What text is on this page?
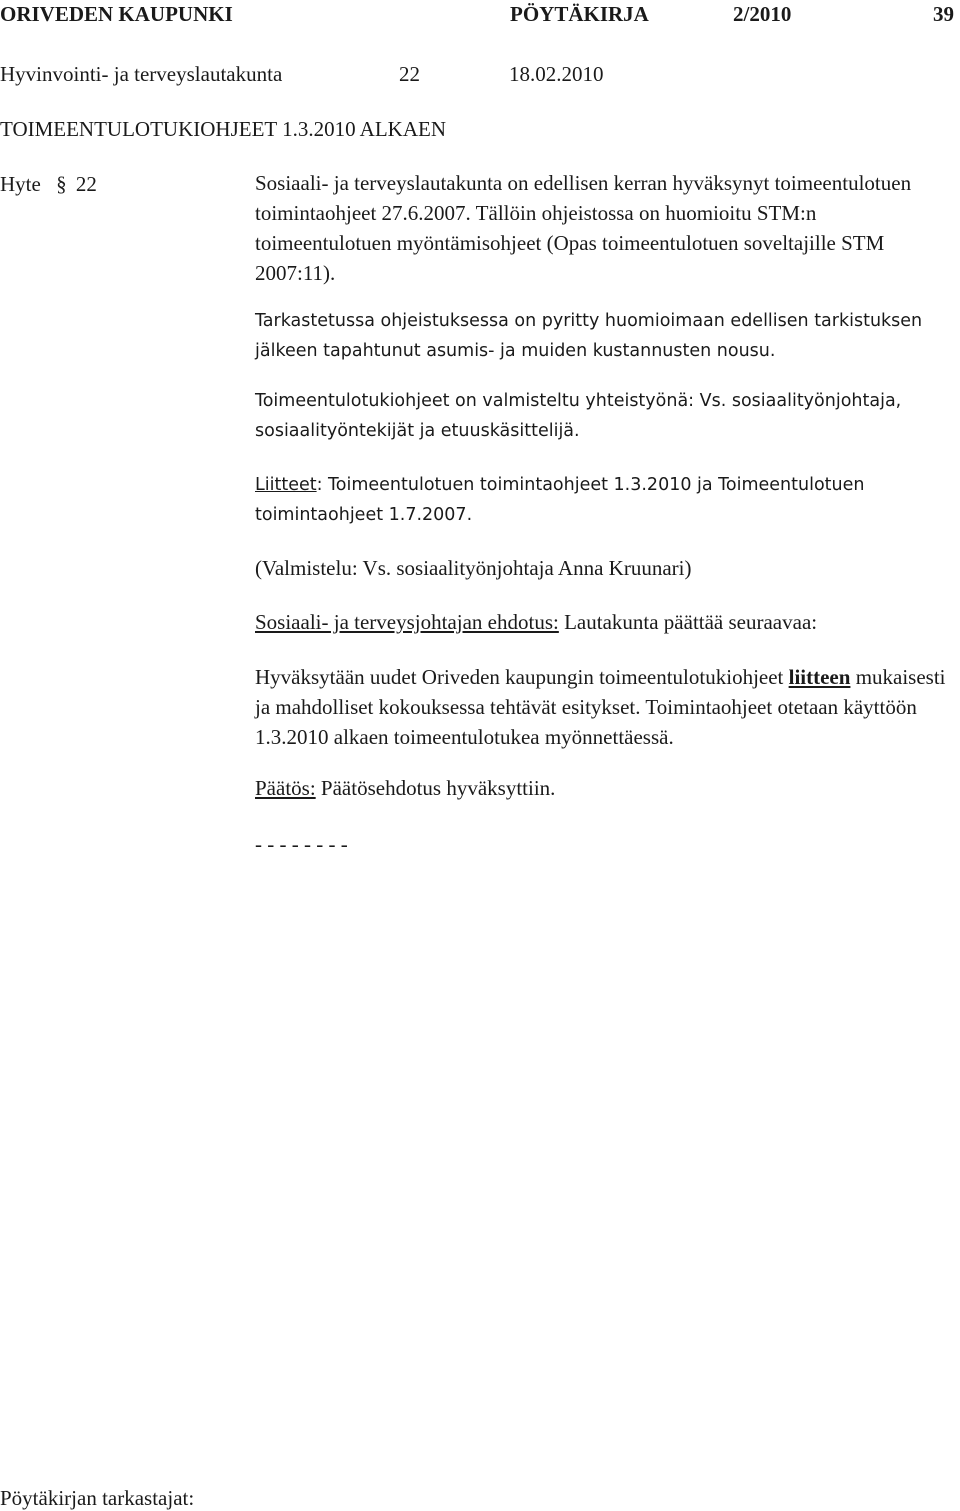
ORIVEDEN KAUPUNKI	PÖYTÄKIRJA	2/2010	39
Hyvinvointi- ja terveyslautakunta	22	18.02.2010
TOIMEENTULOTUKIOHJEET 1.3.2010 ALKAEN
Hyte § 22	Sosiaali- ja terveyslautakunta on edellisen kerran hyväksynyt toimeentulotuen toimintaohjeet 27.6.2007. Tällöin ohjeistossa on huomioitu STM:n toimeentulotuen myöntämisohjeet (Opas toimeentulotuen soveltajille STM 2007:11).

Tarkastetussa ohjeistuksessa on pyritty huomioimaan edellisen tarkistuksen jälkeen tapahtunut asumis- ja muiden kustannusten nousu.

Toimeentulotukiohjeet on valmisteltu yhteistyönä: Vs. sosiaalityönjohtaja, sosiaalityöntekijät ja etuuskäsittelijä.

Liitteet: Toimeentulotuen toimintaohjeet 1.3.2010 ja Toimeentulotuen toimintaohjeet 1.7.2007.

(Valmistelu: Vs. sosiaalityönjohtaja Anna Kruunari)

Sosiaali- ja terveysjohtajan ehdotus: Lautakunta päättää seuraavaa:

Hyväksytään uudet Oriveden kaupungin toimeentulotukiohjeet liitteen mukaisesti ja mahdolliset kokouksessa tehtävät esitykset. Toimintaohjeet otetaan käyttöön 1.3.2010 alkaen toimeentulotukea myönnettäessä.

Päätös: Päätösehdotus hyväksyttiin.

- - - - - - - -

Pöytäkirjan tarkastajat:
